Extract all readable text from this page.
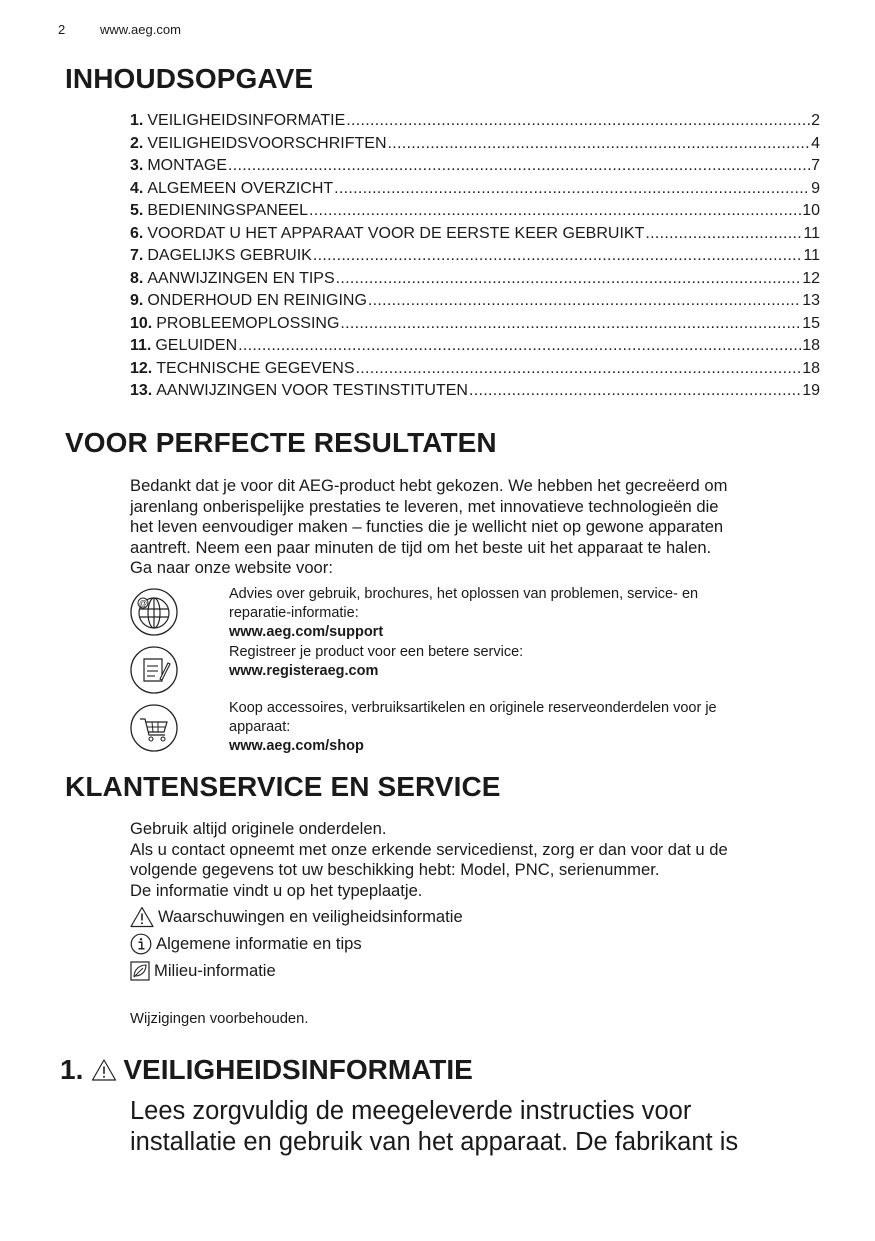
2	www.aeg.com
INHOUDSOPGAVE
1. VEILIGHEIDSINFORMATIE .....	2
2. VEILIGHEIDSVOORSCHRIFTEN .....	4
3. MONTAGE .....	7
4. ALGEMEEN OVERZICHT .....	9
5. BEDIENINGSPANEEL .....	10
6. VOORDAT U HET APPARAAT VOOR DE EERSTE KEER GEBRUIKT .....	11
7. DAGELIJKS GEBRUIK .....	11
8. AANWIJZINGEN EN TIPS .....	12
9. ONDERHOUD EN REINIGING .....	13
10. PROBLEEMOPLOSSING .....	15
11. GELUIDEN .....	18
12. TECHNISCHE GEGEVENS .....	18
13. AANWIJZINGEN VOOR TESTINSTITUTEN .....	19
VOOR PERFECTE RESULTATEN

Bedankt dat je voor dit AEG-product hebt gekozen. We hebben het gecreëerd om

jarenlang onberispelijke prestaties te leveren, met innovatieve technologieën die

het leven eenvoudiger maken – functies die je wellicht niet op gewone apparaten

aantreft. Neem een paar minuten de tijd om het beste uit het apparaat te halen.

Ga naar onze website voor:

@
Advies over gebruik, brochures, het oplossen van problemen, service- en
reparatie-informatie:
www.aeg.com/support
Registreer je product voor een betere service:
www.registeraeg.com
Koop accessoires, verbruiksartikelen en originele reserveonderdelen voor je
apparaat:
www.aeg.com/shop
KLANTENSERVICE EN SERVICE

Gebruik altijd originele onderdelen.

Als u contact opneemt met onze erkende servicedienst, zorg er dan voor dat u de

volgende gegevens tot uw beschikking hebt: Model, PNC, serienummer.

De informatie vindt u op het typeplaatje.

Waarschuwingen en veiligheidsinformatie
Algemene informatie en tips
Milieu-informatie
Wijzigingen voorbehouden.
1. VEILIGHEIDSINFORMATIE

Lees zorgvuldig de meegeleverde instructies voor

installatie en gebruik van het apparaat. De fabrikant is
